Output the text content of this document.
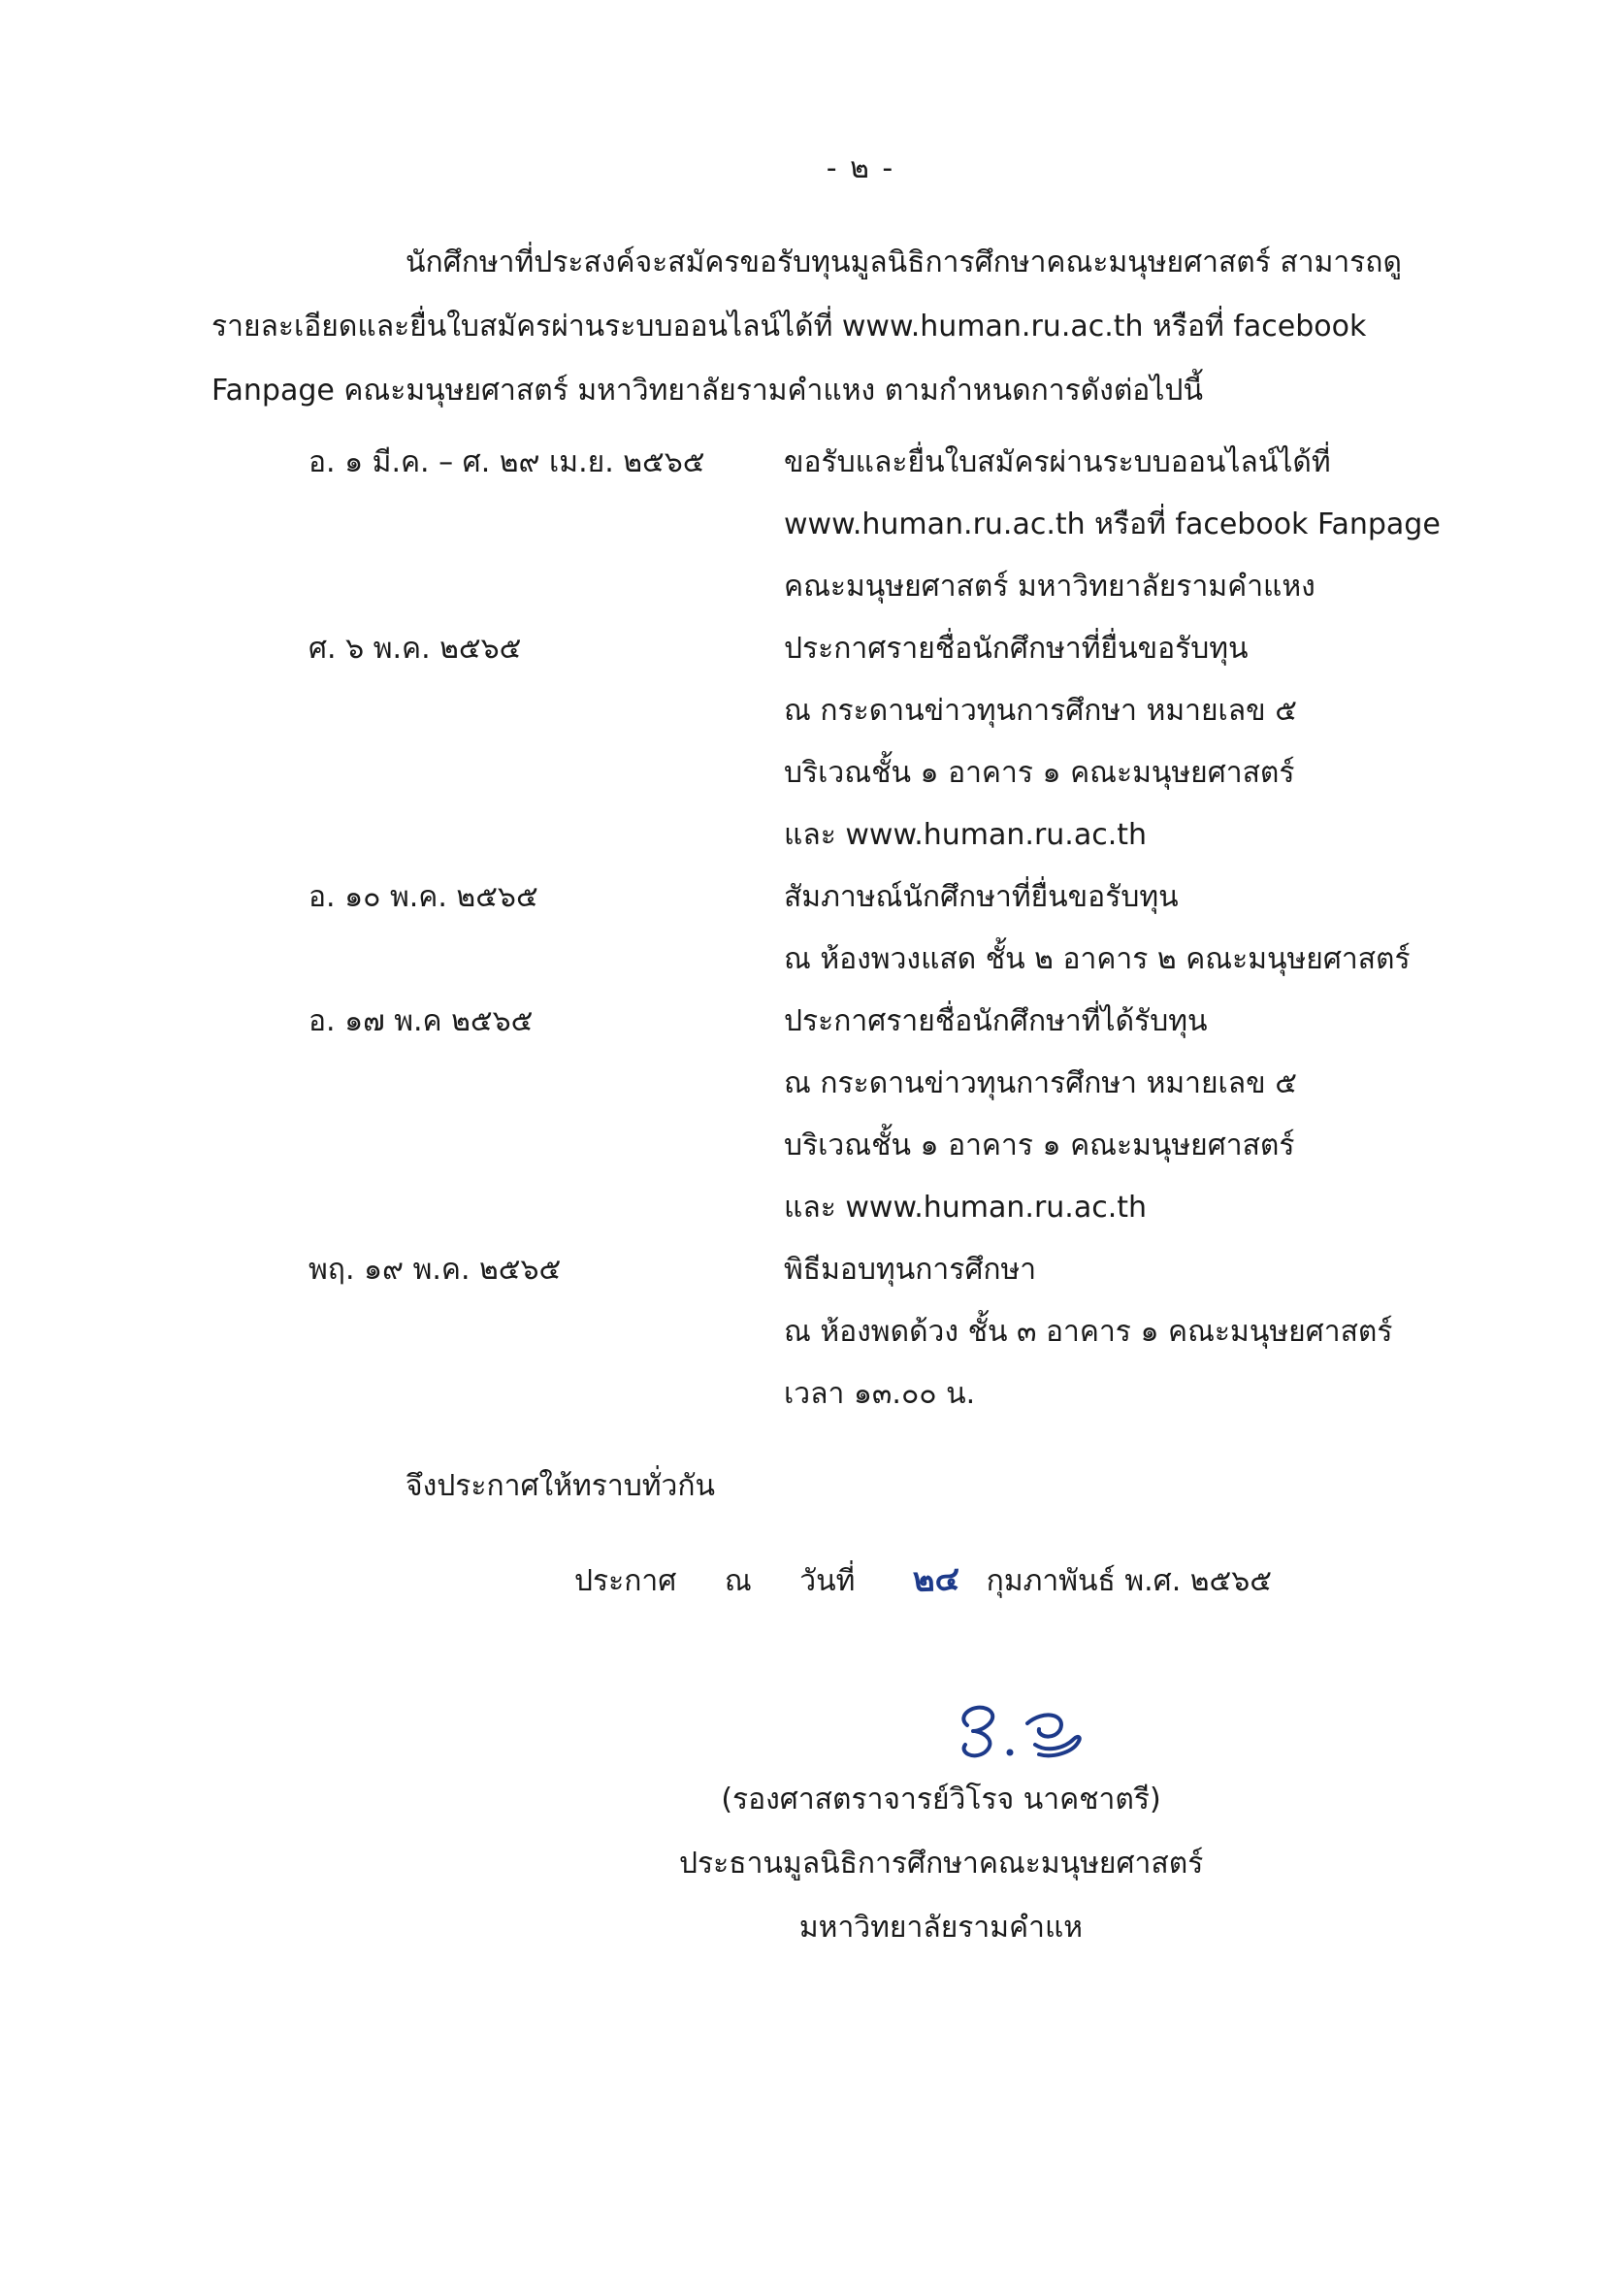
- ๒ -
นักศึกษาที่ประสงค์จะสมัครขอรับทุนมูลนิธิการศึกษาคณะมนุษยศาสตร์ สามารถดู
รายละเอียดและยื่นใบสมัครผ่านระบบออนไลน์ได้ที่ www.human.ru.ac.th หรือที่ facebook
Fanpage คณะมนุษยศาสตร์ มหาวิทยาลัยรามคำแหง ตามกำหนดการดังต่อไปนี้
อ. ๑ มี.ค. – ศ. ๒๙ เม.ย. ๒๕๖๕	ขอรับและยื่นใบสมัครผ่านระบบออนไลน์ได้ที่
www.human.ru.ac.th หรือที่ facebook Fanpage
คณะมนุษยศาสตร์ มหาวิทยาลัยรามคำแหง
ศ. ๖ พ.ค. ๒๕๖๕	ประกาศรายชื่อนักศึกษาที่ยื่นขอรับทุน
ณ กระดานข่าวทุนการศึกษา หมายเลข ๕
บริเวณชั้น ๑ อาคาร ๑ คณะมนุษยศาสตร์
และ www.human.ru.ac.th
อ. ๑๐ พ.ค. ๒๕๖๕	สัมภาษณ์นักศึกษาที่ยื่นขอรับทุน
ณ ห้องพวงแสด ชั้น ๒ อาคาร ๒ คณะมนุษยศาสตร์
อ. ๑๗ พ.ค ๒๕๖๕	ประกาศรายชื่อนักศึกษาที่ได้รับทุน
ณ กระดานข่าวทุนการศึกษา หมายเลข ๕
บริเวณชั้น ๑ อาคาร ๑ คณะมนุษยศาสตร์
และ www.human.ru.ac.th
พฤ. ๑๙ พ.ค. ๒๕๖๕	พิธีมอบทุนการศึกษา
ณ ห้องพดด้วง ชั้น ๓ อาคาร ๑ คณะมนุษยศาสตร์
เวลา ๑๓.๐๐ น.
จึงประกาศให้ทราบทั่วกัน
ประกาศ ณ วันที่ ๒๔ กุมภาพันธ์ พ.ศ. ๒๕๖๕
(รองศาสตราจารย์วิโรจ นาคชาตรี)
ประธานมูลนิธิการศึกษาคณะมนุษยศาสตร์
มหาวิทยาลัยรามคำแห
